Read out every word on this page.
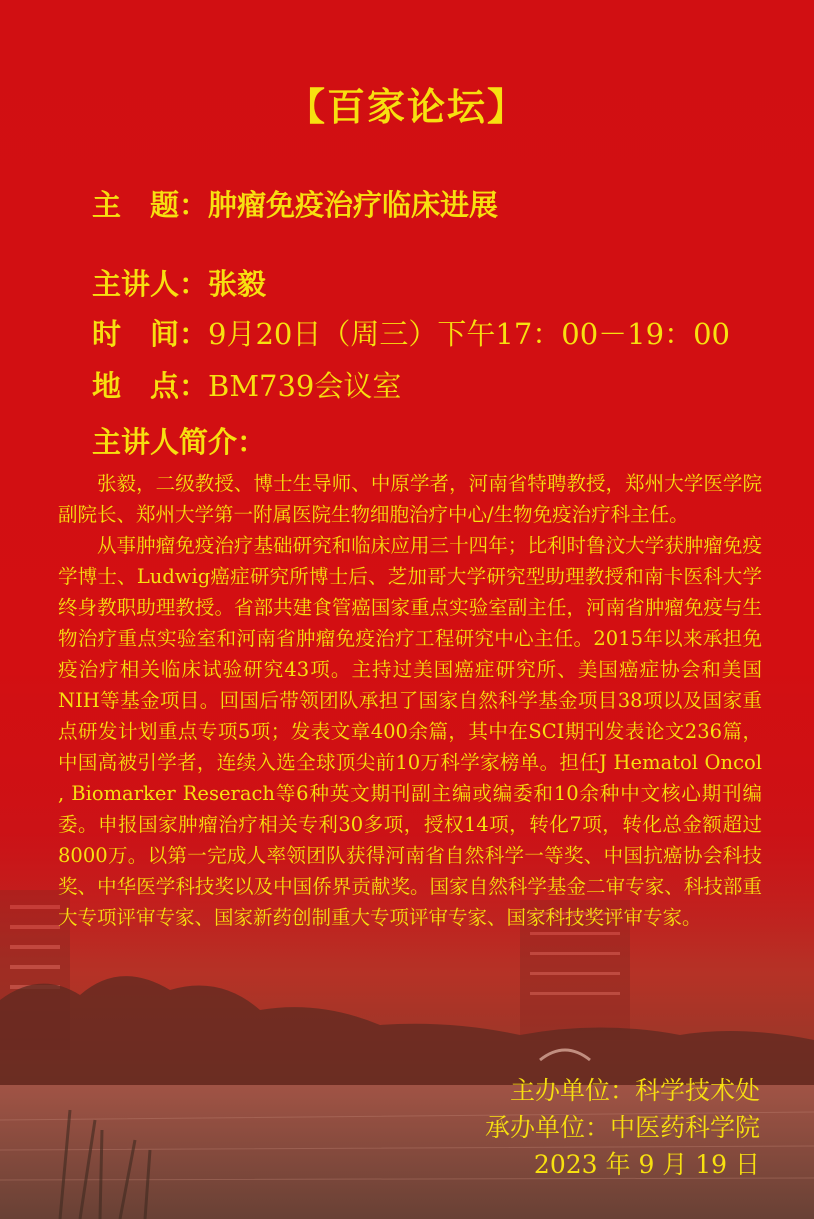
【百家论坛】
主　题：肿瘤免疫治疗临床进展
主讲人：张毅
时　间：9月20日（周三）下午17：00－19：00
地　点：BM739会议室
主讲人简介：

张毅，二级教授、博士生导师、中原学者，河南省特聘教授，郑州大学医学院副院长、郑州大学第一附属医院生物细胞治疗中心/生物免疫治疗科主任。

从事肿瘤免疫治疗基础研究和临床应用三十四年；比利时鲁汶大学获肿瘤免疫学博士、Ludwig癌症研究所博士后、芝加哥大学研究型助理教授和南卡医科大学终身教职助理教授。省部共建食管癌国家重点实验室副主任，河南省肿瘤免疫与生物治疗重点实验室和河南省肿瘤免疫治疗工程研究中心主任。2015年以来承担免疫治疗相关临床试验研究43项。主持过美国癌症研究所、美国癌症协会和美国NIH等基金项目。回国后带领团队承担了国家自然科学基金项目38项以及国家重点研发计划重点专项5项；发表文章400余篇，其中在SCI期刊发表论文236篇，中国高被引学者，连续入选全球顶尖前10万科学家榜单。担任J Hematol Oncol , Biomarker Reserach等6种英文期刊副主编或编委和10余种中文核心期刊编委。申报国家肿瘤治疗相关专利30多项，授权14项，转化7项，转化总金额超过8000万。以第一完成人率领团队获得河南省自然科学一等奖、中国抗癌协会科技奖、中华医学科技奖以及中国侨界贡献奖。国家自然科学基金二审专家、科技部重大专项评审专家、国家新药创制重大专项评审专家、国家科技奖评审专家。

主办单位：科学技术处
承办单位：中医药科学院
2023 年 9 月 19 日
